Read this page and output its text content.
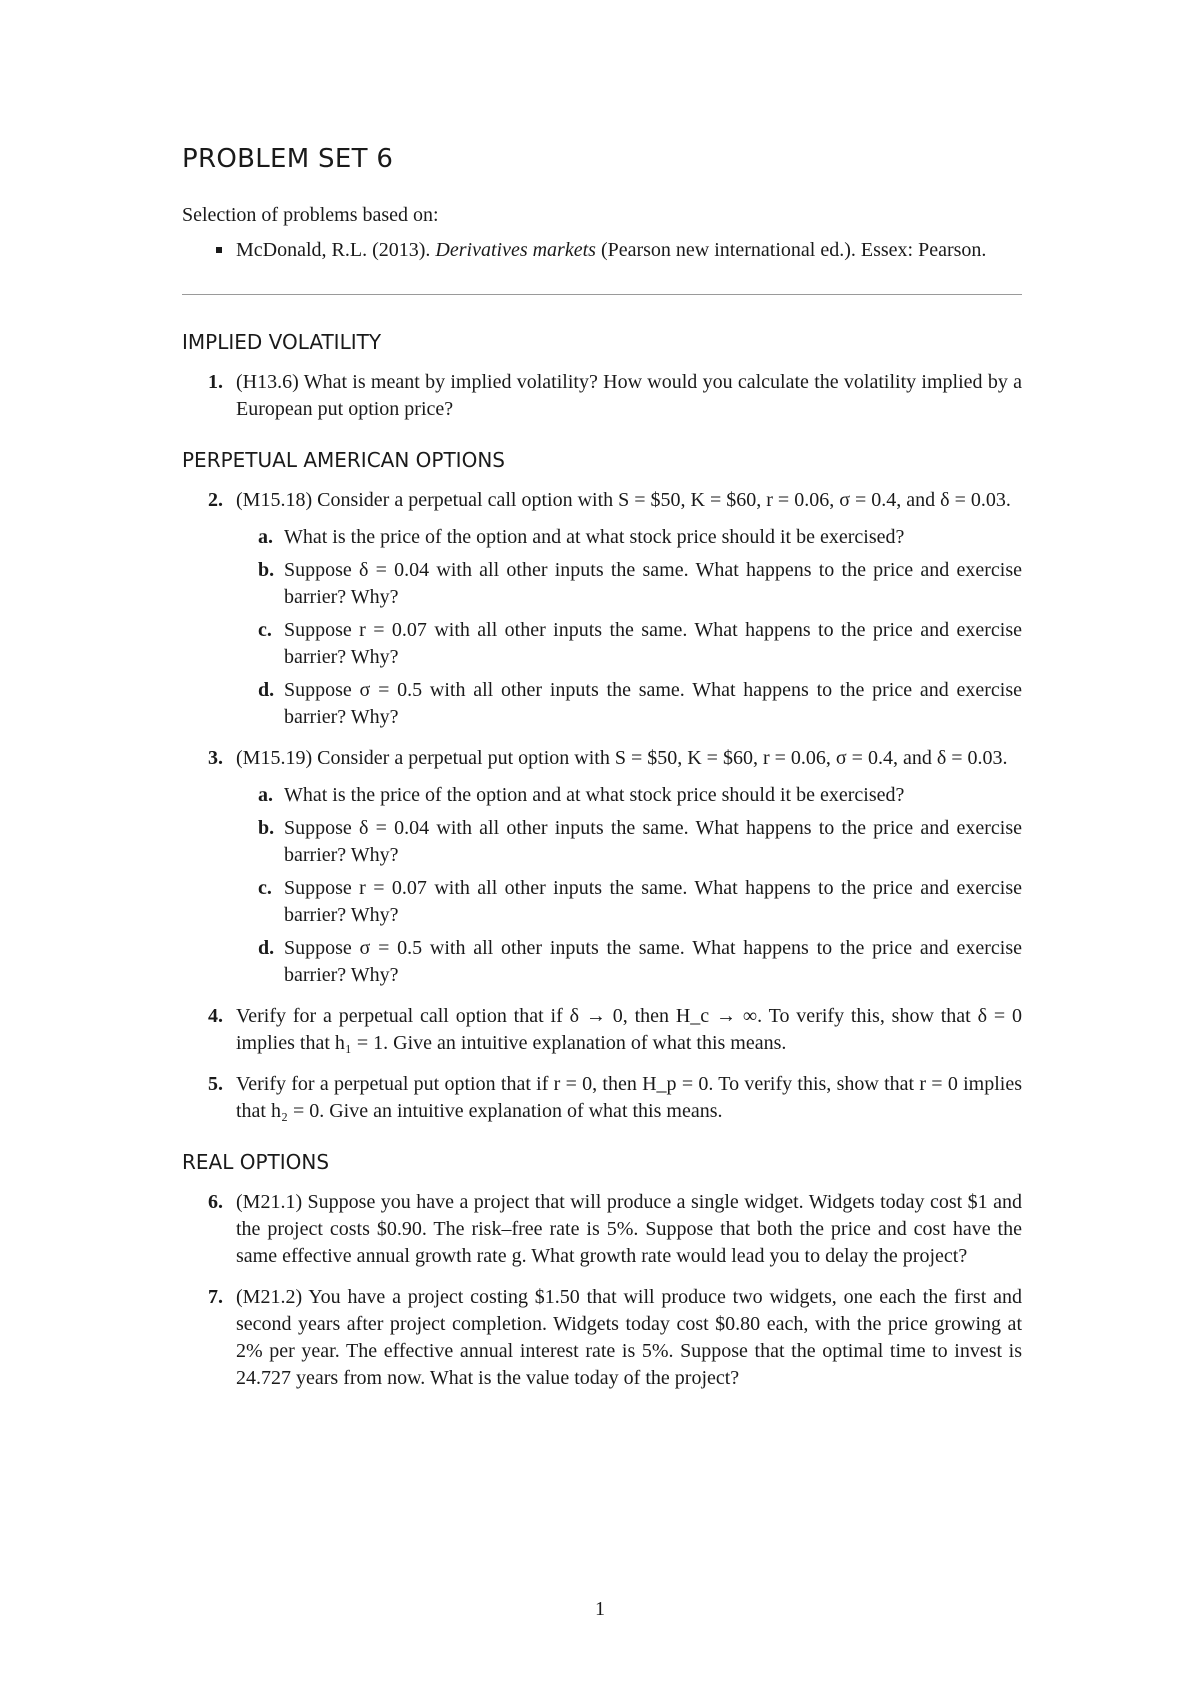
PROBLEM SET 6

Selection of problems based on:

McDonald, R.L. (2013). Derivatives markets (Pearson new international ed.). Essex: Pearson.
IMPLIED VOLATILITY
1. (H13.6) What is meant by implied volatility? How would you calculate the volatility implied by a European put option price?
PERPETUAL AMERICAN OPTIONS
2. (M15.18) Consider a perpetual call option with S = $50, K = $60, r = 0.06, σ = 0.4, and δ = 0.03.
a. What is the price of the option and at what stock price should it be exercised?
b. Suppose δ = 0.04 with all other inputs the same. What happens to the price and exercise barrier? Why?
c. Suppose r = 0.07 with all other inputs the same. What happens to the price and exercise barrier? Why?
d. Suppose σ = 0.5 with all other inputs the same. What happens to the price and exercise barrier? Why?
3. (M15.19) Consider a perpetual put option with S = $50, K = $60, r = 0.06, σ = 0.4, and δ = 0.03.
a. What is the price of the option and at what stock price should it be exercised?
b. Suppose δ = 0.04 with all other inputs the same. What happens to the price and exercise barrier? Why?
c. Suppose r = 0.07 with all other inputs the same. What happens to the price and exercise barrier? Why?
d. Suppose σ = 0.5 with all other inputs the same. What happens to the price and exercise barrier? Why?
4. Verify for a perpetual call option that if δ → 0, then H_c → ∞. To verify this, show that δ = 0 implies that h₁ = 1. Give an intuitive explanation of what this means.
5. Verify for a perpetual put option that if r = 0, then H_p = 0. To verify this, show that r = 0 implies that h₂ = 0. Give an intuitive explanation of what this means.
REAL OPTIONS
6. (M21.1) Suppose you have a project that will produce a single widget. Widgets today cost $1 and the project costs $0.90. The risk–free rate is 5%. Suppose that both the price and cost have the same effective annual growth rate g. What growth rate would lead you to delay the project?
7. (M21.2) You have a project costing $1.50 that will produce two widgets, one each the first and second years after project completion. Widgets today cost $0.80 each, with the price growing at 2% per year. The effective annual interest rate is 5%. Suppose that the optimal time to invest is 24.727 years from now. What is the value today of the project?
1
